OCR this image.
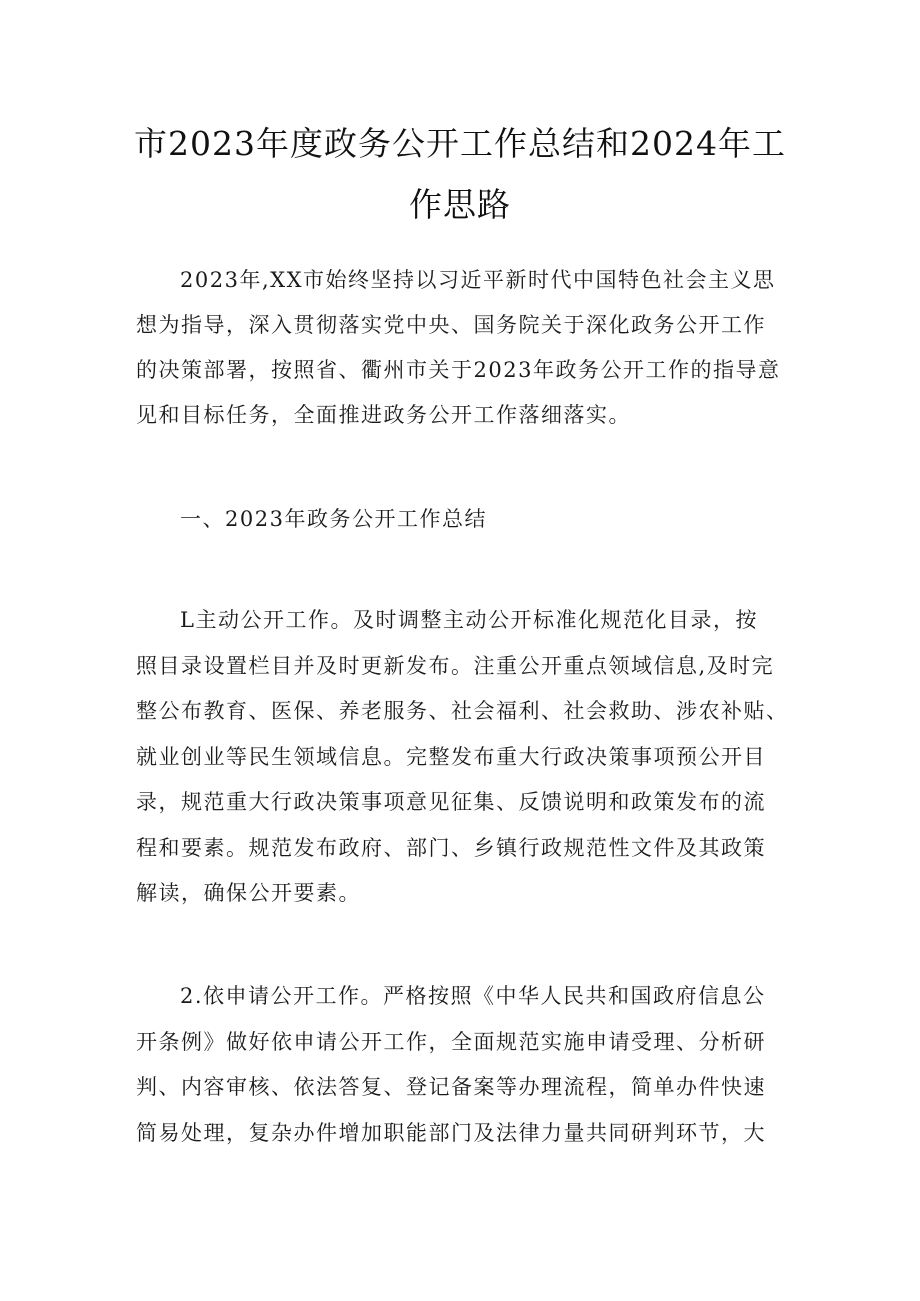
市2023年度政务公开工作总结和2024年工
作思路
2023年,XX市始终坚持以习近平新时代中国特色社会主义思
想为指导，深入贯彻落实党中央、国务院关于深化政务公开工作
的决策部署，按照省、衢州市关于2023年政务公开工作的指导意
见和目标任务，全面推进政务公开工作落细落实。
一、2023年政务公开工作总结
L主动公开工作。及时调整主动公开标准化规范化目录，按
照目录设置栏目并及时更新发布。注重公开重点领域信息,及时完
整公布教育、医保、养老服务、社会福利、社会救助、涉农补贴、
就业创业等民生领域信息。完整发布重大行政决策事项预公开目
录，规范重大行政决策事项意见征集、反馈说明和政策发布的流
程和要素。规范发布政府、部门、乡镇行政规范性文件及其政策
解读，确保公开要素。
2.依申请公开工作。严格按照《中华人民共和国政府信息公
开条例》做好依申请公开工作，全面规范实施申请受理、分析研
判、内容审核、依法答复、登记备案等办理流程，简单办件快速
简易处理，复杂办件增加职能部门及法律力量共同研判环节，大
